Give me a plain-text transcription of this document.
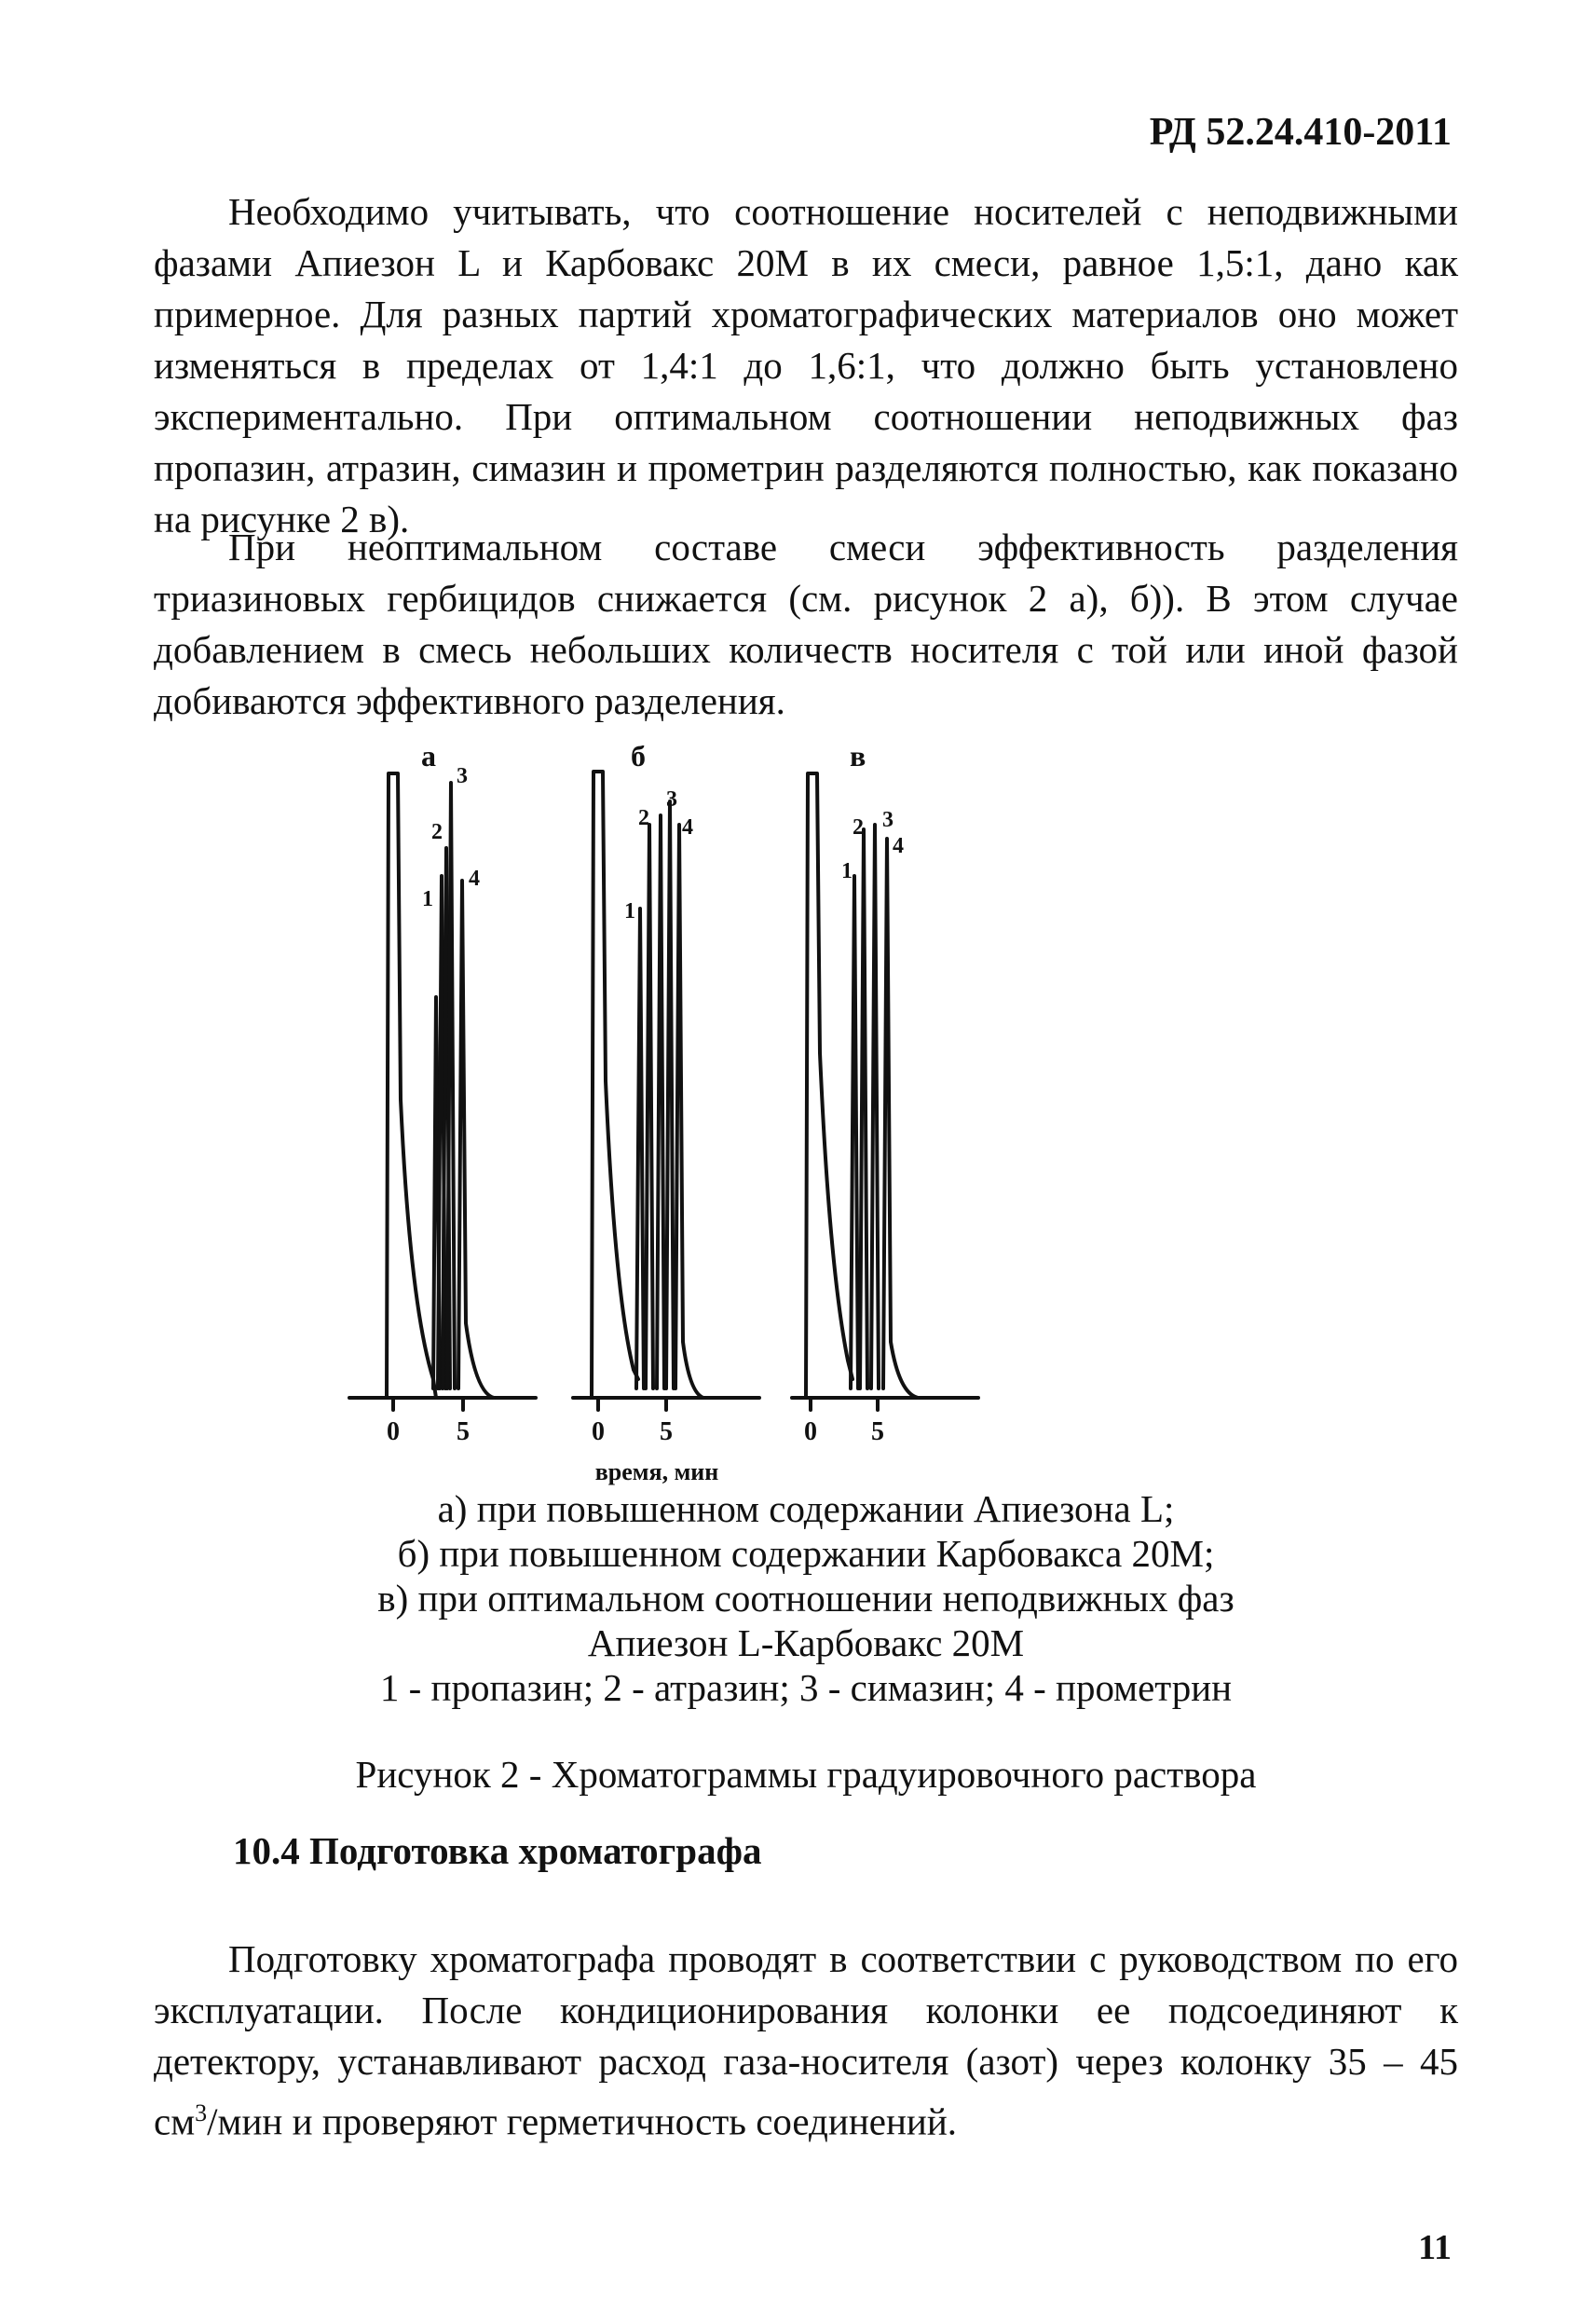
РД 52.24.410-2011

Необходимо учитывать, что соотношение носителей с неподвижными фазами Апиезон L и Карбовакс 20M в их смеси, равное 1,5:1, дано как примерное. Для разных партий хроматографических материалов оно может изменяться в пределах от 1,4:1 до 1,6:1, что должно быть установлено экспериментально. При оптимальном соотношении неподвижных фаз пропазин, атразин, симазин и прометрин разделяются полностью, как показано на рисунке 2 в).

При неоптимальном составе смеси эффективность разделения триазиновых гербицидов снижается (см. рисунок 2 а), б)). В этом случае добавлением в смесь небольших количеств носителя с той или иной фазой добиваются эффективного разделения.

а	б	в
1
2
3
4
1
2
3
4
1
2 3
4
0 5	0 5	0 5
время, мин
а) при повышенном содержании Апиезона L;
б) при повышенном содержании Карбовакса 20M;
в) при оптимальном соотношении неподвижных фаз
Апиезон L-Карбовакс 20M
1 - пропазин; 2 - атразин; 3 - симазин; 4 - прометрин
Рисунок 2 - Хроматограммы градуировочного раствора
10.4 Подготовка хроматографа

Подготовку хроматографа проводят в соответствии с руководством по его эксплуатации. После кондиционирования колонки ее подсоединяют к детектору, устанавливают расход газа-носителя (азот) через колонку 35 – 45 $см^3$/мин и проверяют герметичность соединений.

11
